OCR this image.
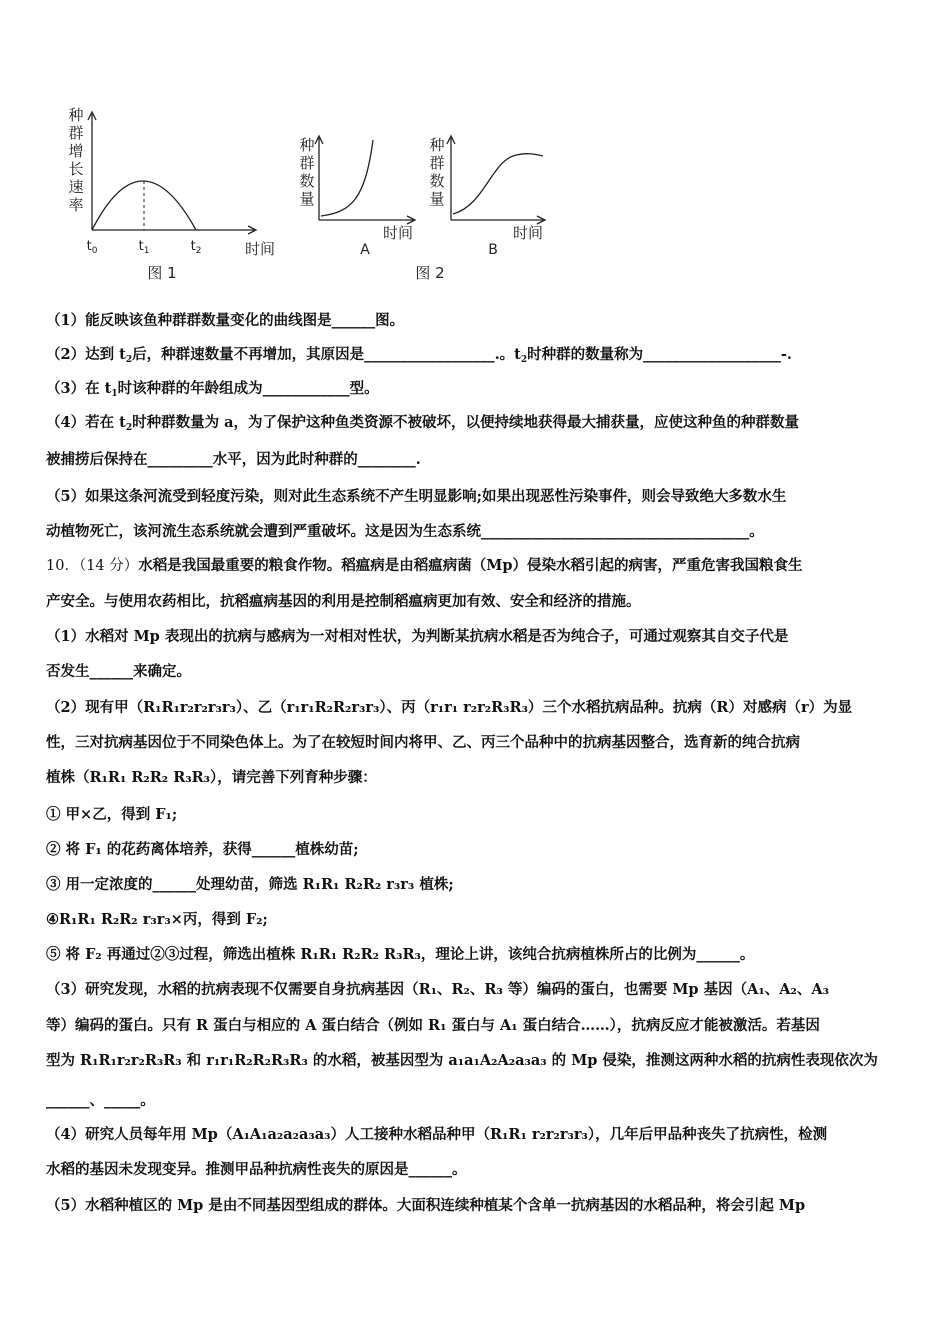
种
群
增
长
速
率
$t_0$	$t_1$	$t_2$	时间
图 1
种
群
数
量
时间
A
种
群
数
量
时间
B
图 2
（1）能反映该鱼种群群数量变化的曲线图是______图。
（2）达到 $t_2$后，种群速数量不再增加，其原因是__________________.。$t_2$时种群的数量称为___________________-.
（3）在 $t_1$时该种群的年龄组成为____________型。
（4）若在 $t_2$时种群数量为 a，为了保护这种鱼类资源不被破坏，以便持续地获得最大捕获量，应使这种鱼的种群数量
被捕捞后保持在_________水平，因为此时种群的________.
（5）如果这条河流受到轻度污染，则对此生态系统不产生明显影响;如果出现恶性污染事件，则会导致绝大多数水生
动植物死亡，该河流生态系统就会遭到严重破坏。这是因为生态系统_____________________________________。
10．（14 分）水稻是我国最重要的粮食作物。稻瘟病是由稻瘟病菌（Mp）侵染水稻引起的病害，严重危害我国粮食生
产安全。与使用农药相比，抗稻瘟病基因的利用是控制稻瘟病更加有效、安全和经济的措施。
（1）水稻对 Mp 表现出的抗病与感病为一对相对性状，为判断某抗病水稻是否为纯合子，可通过观察其自交子代是
否发生______来确定。
（2）现有甲（R₁R₁r₂r₂r₃r₃）、乙（r₁r₁R₂R₂r₃r₃）、丙（r₁r₁ r₂r₂R₃R₃）三个水稻抗病品种。抗病（R）对感病（r）为显
性，三对抗病基因位于不同染色体上。为了在较短时间内将甲、乙、丙三个品种中的抗病基因整合，选育新的纯合抗病
植株（R₁R₁ R₂R₂ R₃R₃），请完善下列育种步骤：
① 甲×乙，得到 F₁;
② 将 F₁ 的花药离体培养，获得______植株幼苗;
③ 用一定浓度的______处理幼苗，筛选 R₁R₁ R₂R₂ r₃r₃ 植株;
④R₁R₁ R₂R₂ r₃r₃×丙，得到 F₂;
⑤ 将 F₂ 再通过②③过程，筛选出植株 R₁R₁ R₂R₂ R₃R₃，理论上讲，该纯合抗病植株所占的比例为______。
（3）研究发现，水稻的抗病表现不仅需要自身抗病基因（R₁、R₂、R₃ 等）编码的蛋白，也需要 Mp 基因（A₁、A₂、A₃
等）编码的蛋白。只有 R 蛋白与相应的 A 蛋白结合（例如 R₁ 蛋白与 A₁ 蛋白结合……），抗病反应才能被激活。若基因
型为 R₁R₁r₂r₂R₃R₃ 和 r₁r₁R₂R₂R₃R₃ 的水稻，被基因型为 a₁a₁A₂A₂a₃a₃ 的 Mp 侵染，推测这两种水稻的抗病性表现依次为
______、_____。
（4）研究人员每年用 Mp（A₁A₁a₂a₂a₃a₃）人工接种水稻品种甲（R₁R₁ r₂r₂r₃r₃），几年后甲品种丧失了抗病性，检测
水稻的基因未发现变异。推测甲品种抗病性丧失的原因是______。
（5）水稻种植区的 Mp 是由不同基因型组成的群体。大面积连续种植某个含单一抗病基因的水稻品种，将会引起 Mp
